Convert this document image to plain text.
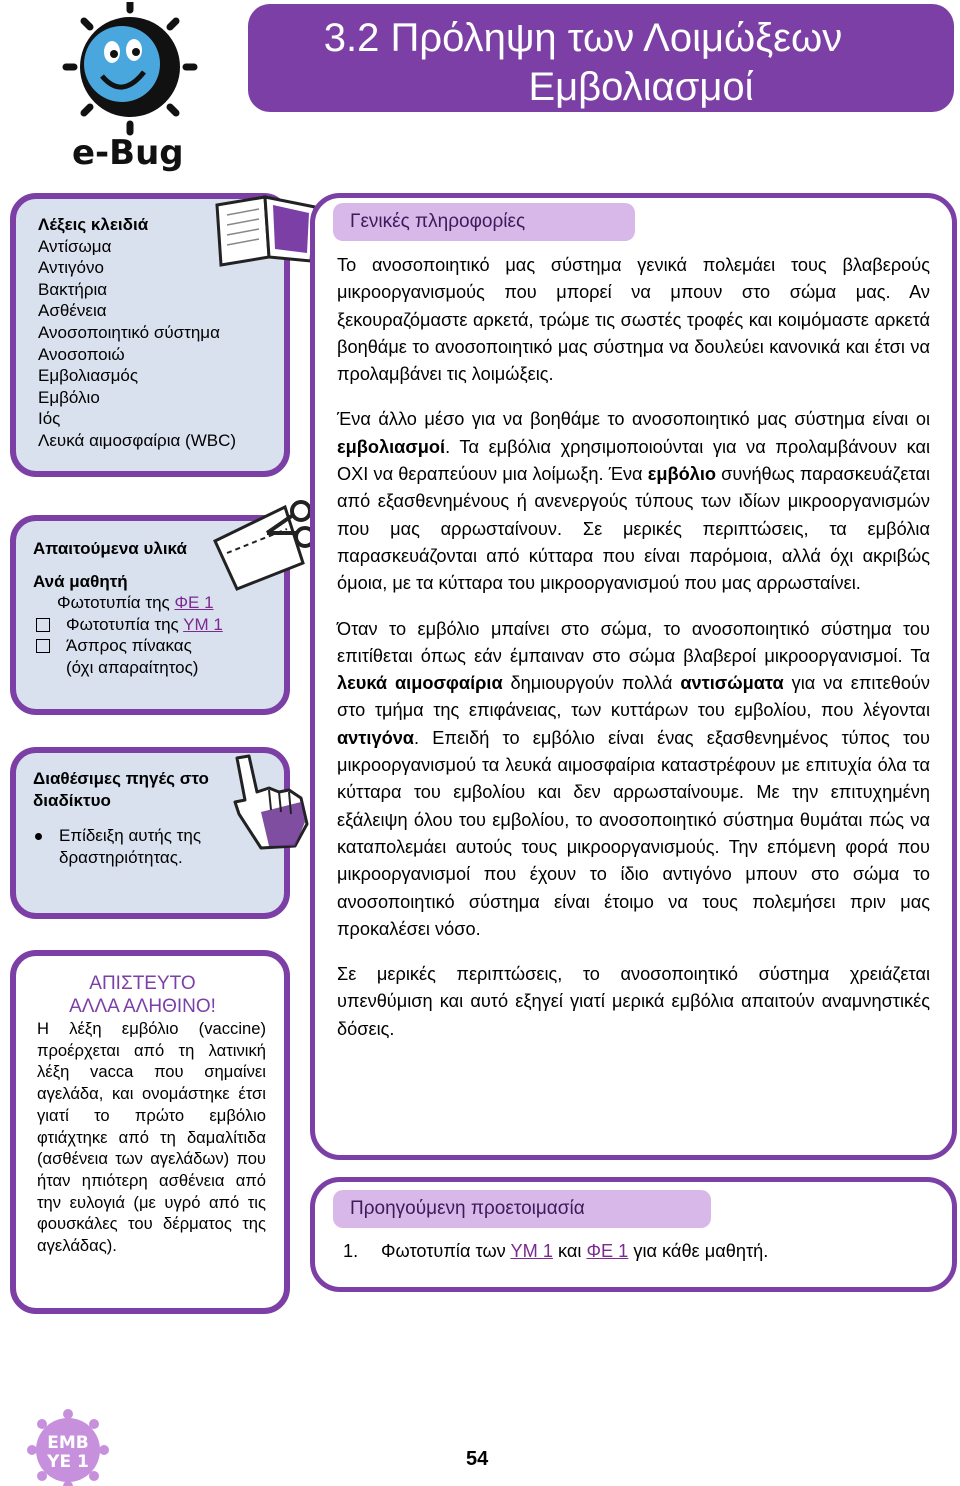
e-Bug
3.2 Πρόληψη των Λοιμώξεων
Εμβολιασμοί
Λέξεις κλειδιά
Αντίσωμα
Αντιγόνο
Βακτήρια
Ασθένεια
Ανοσοποιητικό σύστημα
Ανοσοποιώ
Εμβολιασμός
Εμβόλιο
Ιός
Λευκά αιμοσφαίρια (WBC)
Απαιτούμενα υλικά
Ανά μαθητή
Φωτοτυπία της ΦΕ 1
Φωτοτυπία της ΥΜ 1
Άσπρος πίνακας
(όχι απαραίτητος)
Διαθέσιμες πηγές στο διαδίκτυο
Επίδειξη αυτής της δραστηριότητας.
ΑΠΙΣΤΕΥΤΟ
ΑΛΛΑ ΑΛΗΘΙΝΟ!
Η λέξη εμβόλιο (vaccine) προέρχεται από τη λατινική λέξη vacca που σημαίνει αγελάδα, και ονομάστηκε έτσι γιατί το πρώτο εμβόλιο φτιάχτηκε από τη δαμαλίτιδα (ασθένεια των αγελάδων) που ήταν ηπιότερη ασθένεια από την ευλογιά (με υγρό από τις φουσκάλες του δέρματος της αγελάδας).
Γενικές πληροφορίες

Το ανοσοποιητικό μας σύστημα γενικά πολεμάει τους βλαβερούς μικροοργανισμούς που μπορεί να μπουν στο σώμα μας. Αν ξεκουραζόμαστε αρκετά, τρώμε τις σωστές τροφές και κοιμόμαστε αρκετά βοηθάμε το ανοσοποιητικό μας σύστημα να δουλεύει κανονικά και έτσι να προλαμβάνει τις λοιμώξεις.

Ένα άλλο μέσο για να βοηθάμε το ανοσοποιητικό μας σύστημα είναι οι εμβολιασμοί. Τα εμβόλια χρησιμοποιούνται για να προλαμβάνουν και ΟΧΙ να θεραπεύουν μια λοίμωξη. Ένα εμβόλιο συνήθως παρασκευάζεται από εξασθενημένους ή ανενεργούς τύπους των ιδίων μικροοργανισμών που μας αρρωσταίνουν. Σε μερικές περιπτώσεις, τα εμβόλια παρασκευάζονται από κύτταρα που είναι παρόμοια, αλλά όχι ακριβώς όμοια, με τα κύτταρα του μικροοργανισμού που μας αρρωσταίνει.

Όταν το εμβόλιο μπαίνει στο σώμα, το ανοσοποιητικό σύστημα του επιτίθεται όπως εάν έμπαιναν στο σώμα βλαβεροί μικροοργανισμοί. Τα λευκά αιμοσφαίρια δημιουργούν πολλά αντισώματα για να επιτεθούν στο τμήμα της επιφάνειας, των κυττάρων του εμβολίου, που λέγονται αντιγόνα. Επειδή το εμβόλιο είναι ένας εξασθενημένος τύπος του μικροοργανισμού τα λευκά αιμοσφαίρια καταστρέφουν με επιτυχία όλα τα κύτταρα του εμβολίου και δεν αρρωσταίνουμε. Με την επιτυχημένη εξάλειψη όλου του εμβολίου, το ανοσοποιητικό σύστημα θυμάται πώς να καταπολεμάει αυτούς τους μικροοργανισμούς. Την επόμενη φορά που μικροοργανισμοί που έχουν το ίδιο αντιγόνο μπουν στο σώμα το ανοσοποιητικό σύστημα είναι έτοιμο να τους πολεμήσει πριν μας προκαλέσει νόσο.

Σε μερικές περιπτώσεις, το ανοσοποιητικό σύστημα χρειάζεται υπενθύμιση και αυτό εξηγεί γιατί μερικά εμβόλια απαιτούν αναμνηστικές δόσεις.

Προηγούμενη προετοιμασία
1. Φωτοτυπία των ΥΜ 1 και ΦΕ 1 για κάθε μαθητή.
ΕΜΒ
ΥΕ 1	54
